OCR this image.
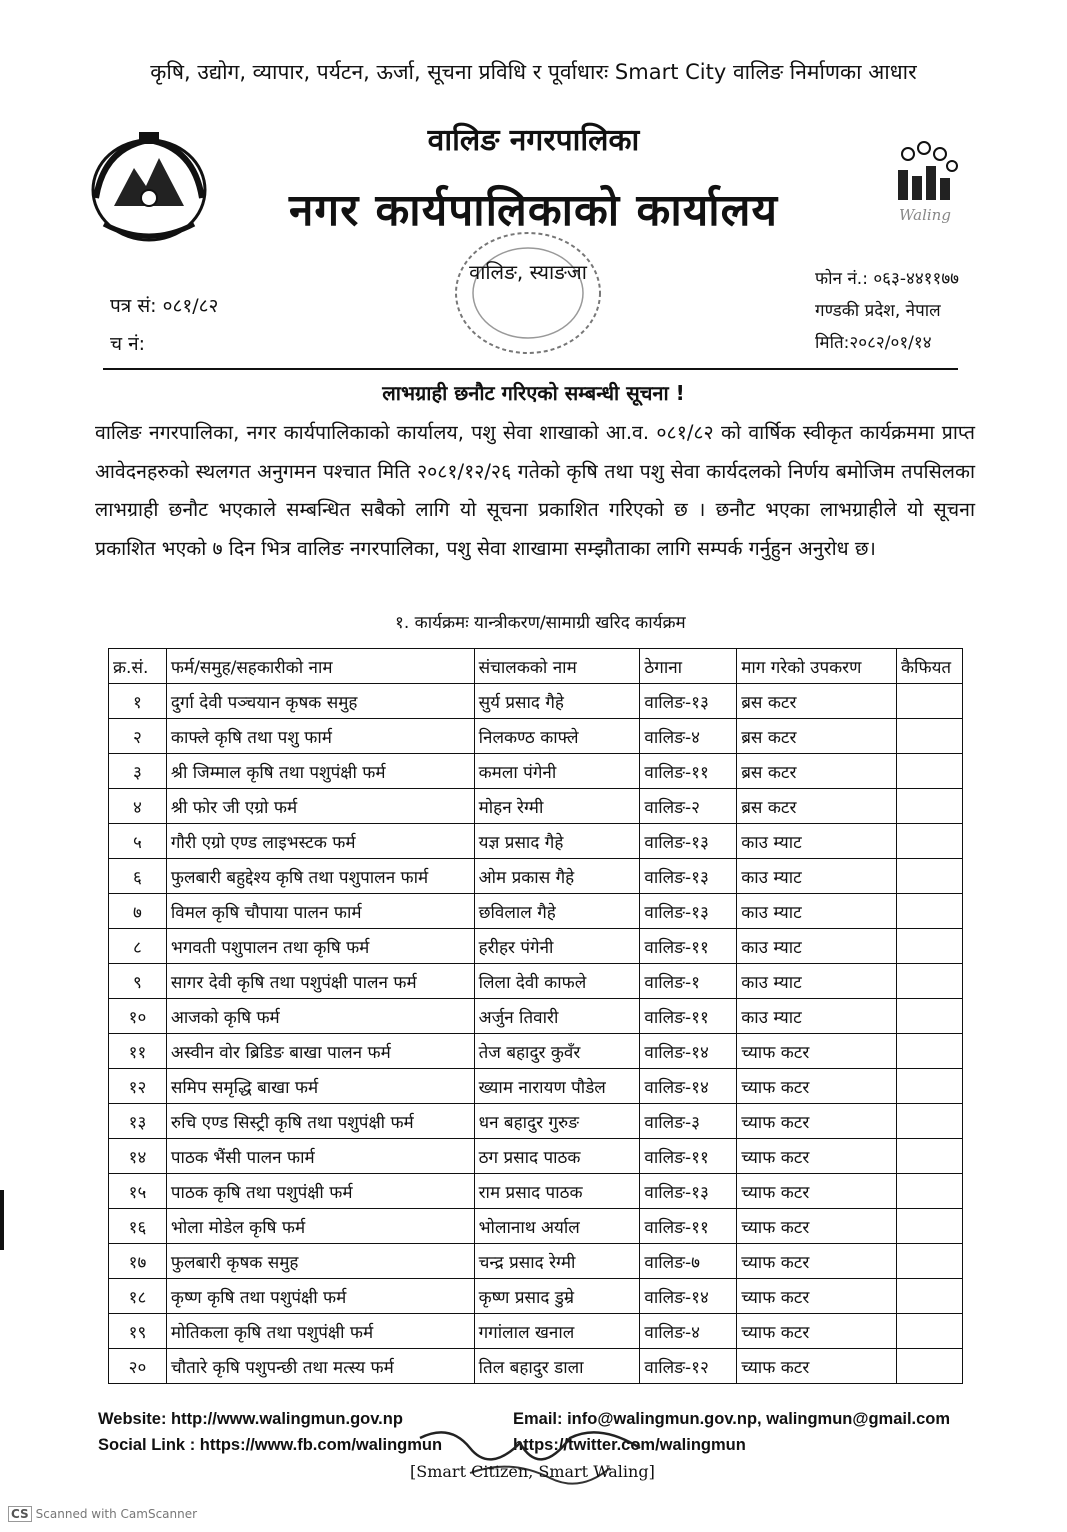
कृषि, उद्योग, व्यापार, पर्यटन, ऊर्जा, सूचना प्रविधि र पूर्वाधारः Smart City वालिङ निर्माणका आधार
वालिङ नगरपालिका
नगर कार्यपालिकाको कार्यालय	Waling
वालिङ, स्याङजा
पत्र सं: ०८१/८२
च नं:
फोन नं.: ०६३-४४११७७
गण्डकी प्रदेश, नेपाल
मिति:२०८२/०१/१४
लाभग्राही छनौट गरिएको सम्बन्धी सूचना !
वालिङ नगरपालिका, नगर कार्यपालिकाको कार्यालय, पशु सेवा शाखाको आ.व. ०८१/८२ को वार्षिक स्वीकृत कार्यक्रममा प्राप्त आवेदनहरुको स्थलगत अनुगमन पश्चात मिति २०८१/१२/२६ गतेको कृषि तथा पशु सेवा कार्यदलको निर्णय बमोजिम तपसिलका लाभग्राही छनौट भएकाले सम्बन्धित सबैको लागि यो सूचना प्रकाशित गरिएको छ । छनौट भएका लाभग्राहीले यो सूचना प्रकाशित भएको ७ दिन भित्र वालिङ नगरपालिका, पशु सेवा शाखामा सम्झौताका लागि सम्पर्क गर्नुहुन अनुरोध छ।
१. कार्यक्रमः यान्त्रीकरण/सामाग्री खरिद कार्यक्रम
क्र.सं.	फर्म/समुह/सहकारीको नाम	संचालकको नाम	ठेगाना	माग गरेको उपकरण	कैफियत
१	दुर्गा देवी पञ्चयान कृषक समुह	सुर्य प्रसाद गैहे	वालिङ-१३	ब्रस कटर	
२	काफ्ले कृषि तथा पशु फार्म	निलकण्ठ काफ्ले	वालिङ-४	ब्रस कटर	
३	श्री जिम्माल कृषि तथा पशुपंक्षी फर्म	कमला पंगेनी	वालिङ-११	ब्रस कटर	
४	श्री फोर जी एग्रो फर्म	मोहन रेग्मी	वालिङ-२	ब्रस कटर	
५	गौरी एग्रो एण्ड लाइभस्टक फर्म	यज्ञ प्रसाद गैहे	वालिङ-१३	काउ म्याट	
६	फुलबारी बहुद्देश्य कृषि तथा पशुपालन फार्म	ओम प्रकास गैहे	वालिङ-१३	काउ म्याट	
७	विमल कृषि चौपाया पालन फार्म	छविलाल गैहे	वालिङ-१३	काउ म्याट	
८	भगवती पशुपालन तथा कृषि फर्म	हरीहर पंगेनी	वालिङ-११	काउ म्याट	
९	सागर देवी कृषि तथा पशुपंक्षी पालन फर्म	लिला देवी काफले	वालिङ-१	काउ म्याट	
१०	आजको कृषि फर्म	अर्जुन तिवारी	वालिङ-११	काउ म्याट	
११	अस्वीन वोर ब्रिडिङ बाखा पालन फर्म	तेज बहादुर कुवँर	वालिङ-१४	च्याफ कटर	
१२	समिप समृद्धि बाखा फर्म	ख्याम नारायण पौडेल	वालिङ-१४	च्याफ कटर	
१३	रुचि एण्ड सिस्ट्री कृषि तथा पशुपंक्षी फर्म	धन बहादुर गुरुङ	वालिङ-३	च्याफ कटर	
१४	पाठक भैंसी पालन फार्म	ठग प्रसाद पाठक	वालिङ-११	च्याफ कटर	
१५	पाठक कृषि तथा पशुपंक्षी फर्म	राम प्रसाद पाठक	वालिङ-१३	च्याफ कटर	
१६	भोला मोडेल कृषि फर्म	भोलानाथ अर्याल	वालिङ-११	च्याफ कटर	
१७	फुलबारी कृषक समुह	चन्द्र प्रसाद रेग्मी	वालिङ-७	च्याफ कटर	
१८	कृष्ण कृषि तथा पशुपंक्षी फर्म	कृष्ण प्रसाद डुम्रे	वालिङ-१४	च्याफ कटर	
१९	मोतिकला कृषि तथा पशुपंक्षी फर्म	गगांलाल खनाल	वालिङ-४	च्याफ कटर	
२०	चौतारे कृषि पशुपन्छी तथा मत्स्य फर्म	तिल बहादुर डाला	वालिङ-१२	च्याफ कटर	
Website: http://www.walingmun.gov.np	Email: info@walingmun.gov.np, walingmun@gmail.com
Social Link : https://www.fb.com/walingmun	https://twitter.com/walingmun
[Smart Citizen, Smart Waling]
CS Scanned with CamScanner
